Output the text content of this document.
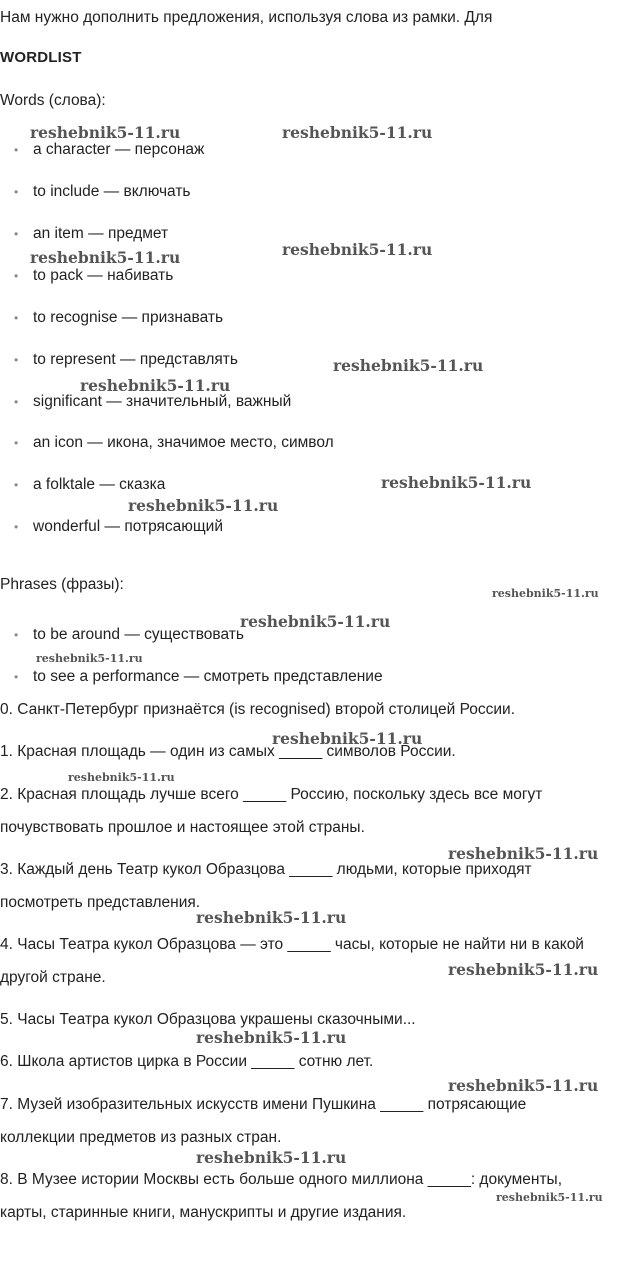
Нам нужно дополнить предложения, используя слова из рамки. Для
WORDLIST
Words (слова):
• a character — персонаж
• to include — включать
• an item — предмет
• to pack — набивать
• to recognise — признавать
• to represent — представлять
• significant — значительный, важный
• an icon — икона, значимое место, символ
• a folktale — сказка
• wonderful — потрясающий
Phrases (фразы):
• to be around — существовать
• to see a performance — смотреть представление
0. Санкт-Петербург признаётся (is recognised) второй столицей России.
1. Красная площадь — один из самых _____ символов России.
2. Красная площадь лучше всего _____ Россию, поскольку здесь все могут
почувствовать прошлое и настоящее этой страны.
3. Каждый день Театр кукол Образцова _____ людьми, которые приходят
посмотреть представления.
4. Часы Театра кукол Образцова — это _____ часы, которые не найти ни в какой
другой стране.
5. Часы Театра кукол Образцова украшены сказочными...
6. Школа артистов цирка в России _____ сотню лет.
7. Музей изобразительных искусств имени Пушкина _____ потрясающие
коллекции предметов из разных стран.
8. В Музее истории Москвы есть больше одного миллиона _____: документы,
карты, старинные книги, манускрипты и другие издания.
reshebnik5-11.ru	reshebnik5-11.ru
reshebnik5-11.ru	reshebnik5-11.ru
reshebnik5-11.ru
reshebnik5-11.ru
reshebnik5-11.ru
reshebnik5-11.ru
reshebnik5-11.ru
reshebnik5-11.ru
reshebnik5-11.ru
reshebnik5-11.ru
reshebnik5-11.ru
reshebnik5-11.ru
reshebnik5-11.ru
reshebnik5-11.ru
reshebnik5-11.ru
reshebnik5-11.ru
reshebnik5-11.ru
reshebnik5-11.ru
